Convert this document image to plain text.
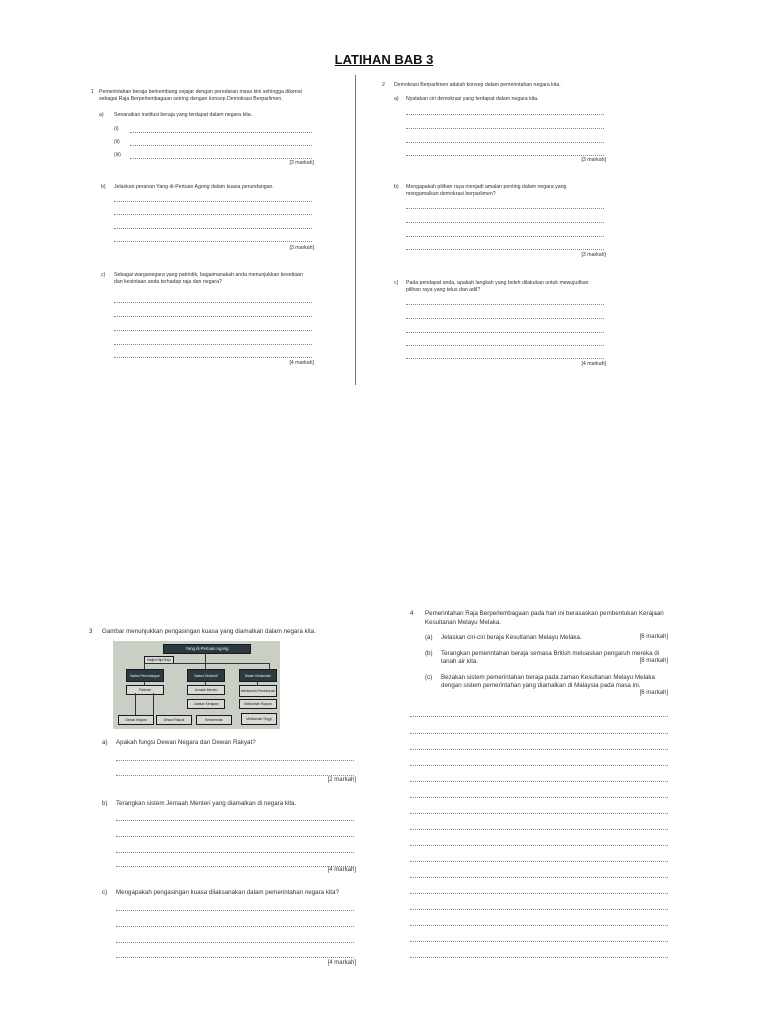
LATIHAN BAB 3
1 Pemerintahan beraja berkembang sejajar dengan peredaran masa kini sehingga dikenal
sebagai Raja Berperlembagaan seiring dengan konsep Demokrasi Berparlimen.
a) Senaraikan institusi beraja yang terdapat dalam negara kita.
(i)
(ii)
(iii)
[3 markah]
b) Jelaskan peranan Yang di-Pertuan Agong dalam kuasa perundangan.
[3 markah]
c) Sebagai warganegara yang patriotik, bagaimanakah anda menunjukkan kesetiaan
dan kesintaan anda terhadap raja dan negara?
[4 markah]
2 Demokrasi Berparlimen adalah konsep dalam pemerintahan negara kita.
a) Nyatakan ciri demokrasi yang terdapat dalam negara kita.
[3 markah]
b) Mengapakah pilihan raya menjadi amalan penting dalam negara yang
mengamalkan demokrasi berparlimen?
[3 markah]
c) Pada pendapat anda, apakah langkah yang boleh dilakukan untuk mewujudkan
pilihan raya yang telus dan adil?
[4 markah]
3 Gambar menunjukkan pengasingan kuasa yang diamalkan dalam negara kita.
Yang di-Pertuan Agong
Majlis Raja-Raja
Badan Perundangan	Badan Eksekutif	Badan Kehakiman
Parlimen	Jemaah Menteri	Mahkamah Persekutuan
Jabatan Kerajaan	Mahkamah Rayuan
Dewan Negara	Dewan Rakyat	Kementerian	Mahkamah Tinggi
a) Apakah fungsi Dewan Negara dan Dewan Rakyat?
[2 markah]
b) Terangkan sistem Jemaah Menteri yang diamalkan di negara kita.
[4 markah]
c) Mengapakah pengasingan kuasa dilaksanakan dalam pemerintahan negara kita?
[4 markah]
4 Pemerintahan Raja Berperlembagaan pada hari ini berasaskan pembentukan Kerajaan
Kesultanan Melayu Melaka.
(a) Jelaskan ciri-ciri beraja Kesultanan Melayu Melaka.	[6 markah]
(b) Terangkan pemerintahan beraja semasa British meluaskan pengaruh mereka di
tanah air kita.	[8 markah]
(c) Bezakan sistem pemerintahan beraja pada zaman Kesultanan Melayu Melaka
dengan sistem pemerintahan yang diamalkan di Malaysia pada masa ini.
[6 markah]
